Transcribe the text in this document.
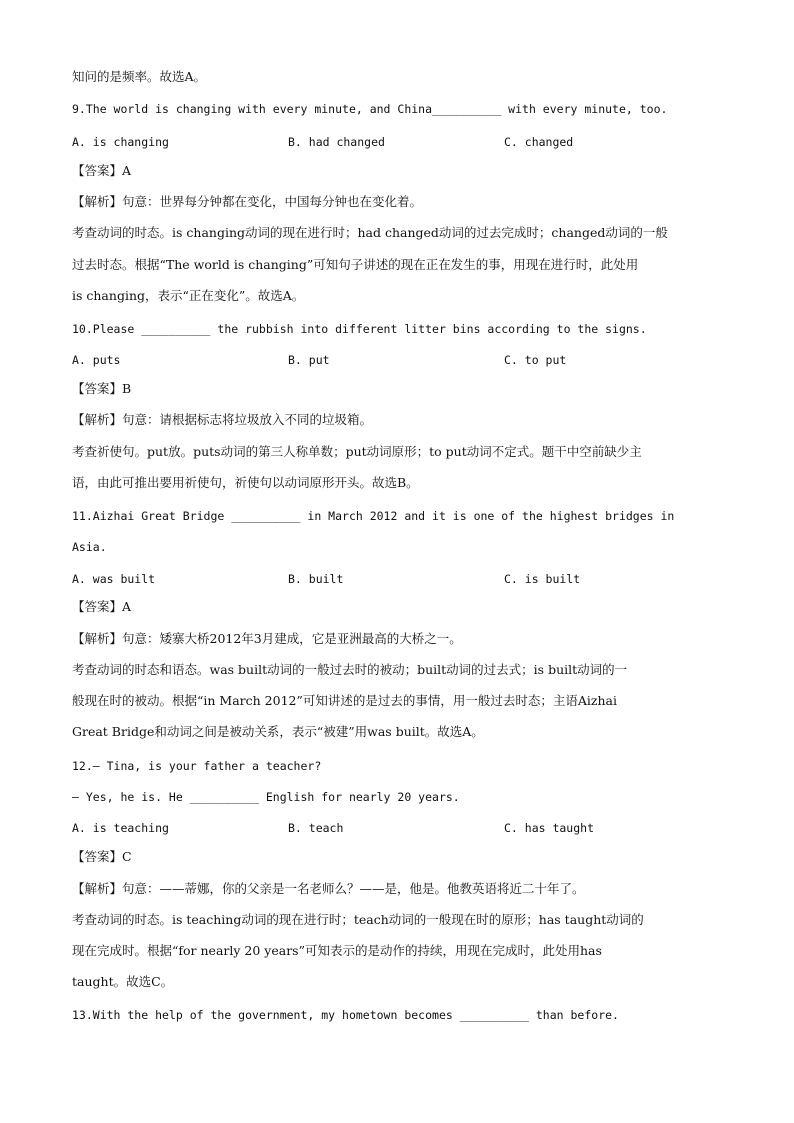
知问的是频率。故选A。
9.The world is changing with every minute, and China__________ with every minute, too.
A. is changing	B. had changed	C. changed
【答案】A
【解析】句意：世界每分钟都在变化，中国每分钟也在变化着。
考查动词的时态。is changing动词的现在进行时；had changed动词的过去完成时；changed动词的一般
过去时态。根据“The world is changing”可知句子讲述的现在正在发生的事，用现在进行时，此处用
is changing，表示“正在变化”。故选A。
10.Please __________ the rubbish into different litter bins according to the signs.
A. puts	B. put	C. to put
【答案】B
【解析】句意：请根据标志将垃圾放入不同的垃圾箱。
考查祈使句。put放。puts动词的第三人称单数；put动词原形；to put动词不定式。题干中空前缺少主
语，由此可推出要用祈使句，祈使句以动词原形开头。故选B。
11.Aizhai Great Bridge __________ in March 2012 and it is one of the highest bridges in
Asia.
A. was built	B. built	C. is built
【答案】A
【解析】句意：矮寨大桥2012年3月建成，它是亚洲最高的大桥之一。
考查动词的时态和语态。was built动词的一般过去时的被动；built动词的过去式；is built动词的一
般现在时的被动。根据“in March 2012”可知讲述的是过去的事情，用一般过去时态；主语Aizhai
Great Bridge和动词之间是被动关系，表示“被建”用was built。故选A。
12.— Tina, is your father a teacher?
— Yes, he is. He __________ English for nearly 20 years.
A. is teaching	B. teach	C. has taught
【答案】C
【解析】句意：——蒂娜，你的父亲是一名老师么？——是，他是。他教英语将近二十年了。
考查动词的时态。is teaching动词的现在进行时；teach动词的一般现在时的原形；has taught动词的
现在完成时。根据“for nearly 20 years”可知表示的是动作的持续，用现在完成时，此处用has
taught。故选C。
13.With the help of the government, my hometown becomes __________ than before.
